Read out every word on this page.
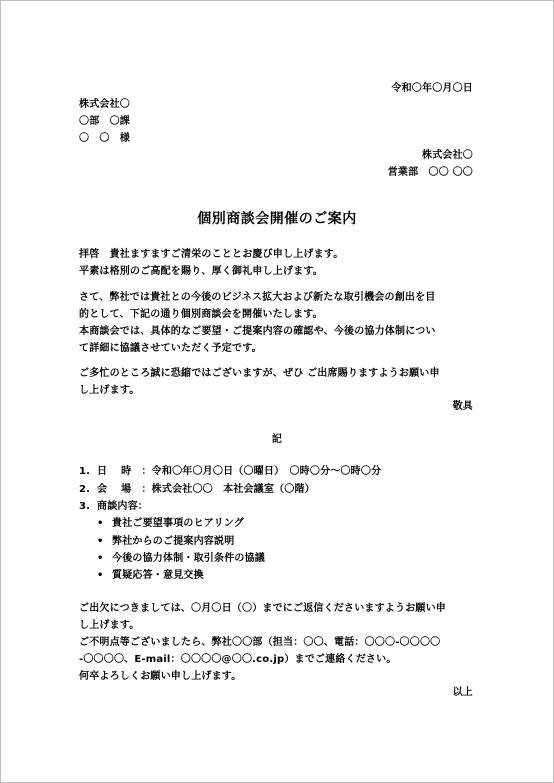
令和〇年〇月〇日
株式会社〇
〇部　〇課
〇　〇　様
株式会社〇
営業部　〇〇 〇〇
個別商談会開催のご案内
拝啓　貴社ますますご清栄のこととお慶び申し上げます。
平素は格別のご高配を賜り、厚く御礼申し上げます。
さて、弊社では貴社との今後のビジネス拡大および新たな取引機会の創出を目
的として、下記の通り個別商談会を開催いたします。
本商談会では、具体的なご要望・ご提案内容の確認や、今後の協力体制につい
て詳細に協議させていただく予定です。
ご多忙のところ誠に恐縮ではございますが、ぜひ ご出席賜りますようお願い申
し上げます。
敬具
記
1. 日　 時　：令和〇年〇月〇日（〇曜日）　〇時〇分～〇時〇分
2. 会　 場　：株式会社〇〇　本社会議室（〇階）
3. 商談内容：
• 貴社ご要望事項のヒアリング
• 弊社からのご提案内容説明
• 今後の協力体制・取引条件の協議
• 質疑応答・意見交換
ご出欠につきましては、〇月〇日（〇）までにご返信くださいますようお願い申
し上げます。
ご不明点等ございましたら、弊社〇〇部（担当：〇〇、電話：〇〇〇-〇〇〇〇
-〇〇〇〇、E-mail：〇〇〇〇@〇〇.co.jp）までご連絡ください。
何卒よろしくお願い申し上げます。
以上
